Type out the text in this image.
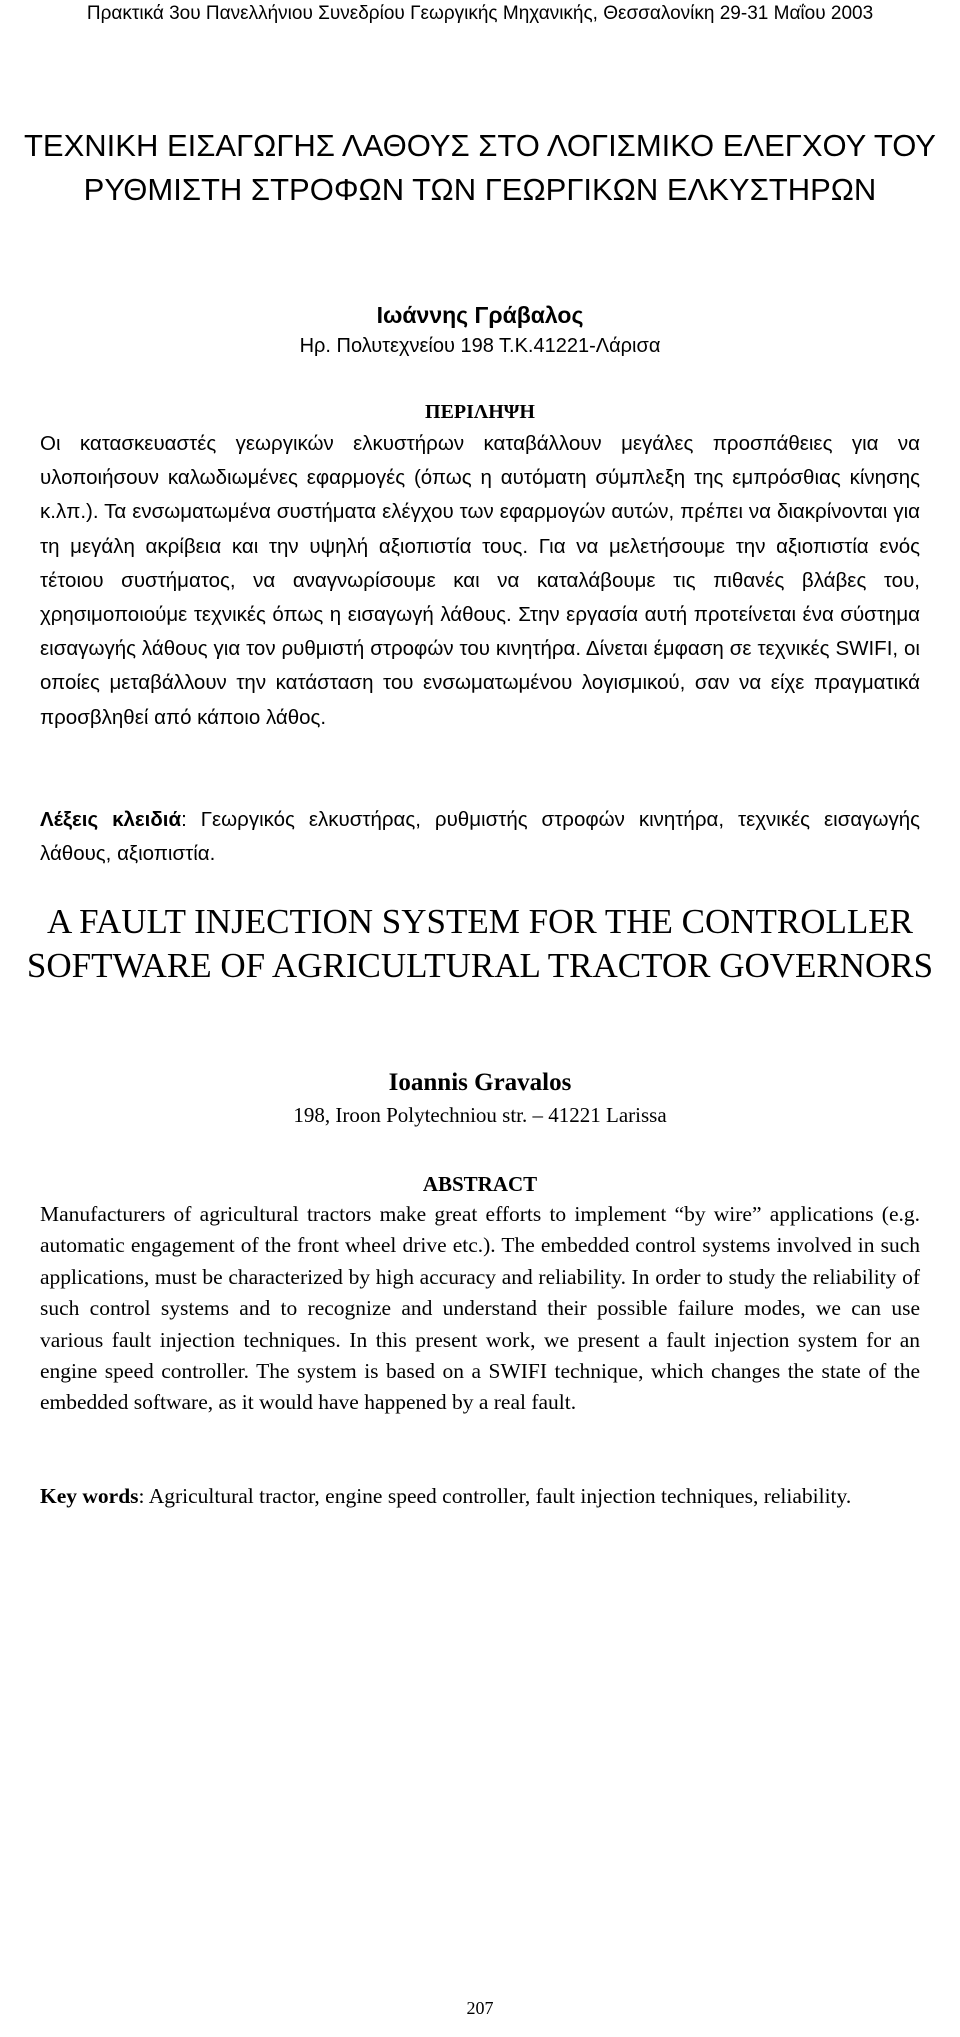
Πρακτικά 3ου Πανελλήνιου Συνεδρίου Γεωργικής Μηχανικής, Θεσσαλονίκη 29-31 Μαΐου 2003
ΤΕΧΝΙΚΗ ΕΙΣΑΓΩΓΗΣ ΛΑΘΟΥΣ ΣΤΟ ΛΟΓΙΣΜΙΚΟ ΕΛΕΓΧΟΥ ΤΟΥ ΡΥΘΜΙΣΤΗ ΣΤΡΟΦΩΝ ΤΩΝ ΓΕΩΡΓΙΚΩΝ ΕΛΚΥΣΤΗΡΩΝ
Ιωάννης Γράβαλος
Ηρ. Πολυτεχνείου 198 Τ.Κ.41221-Λάρισα
ΠΕΡΙΛΗΨΗ

Οι κατασκευαστές γεωργικών ελκυστήρων καταβάλλουν μεγάλες προσπάθειες για να υλοποιήσουν καλωδιωμένες εφαρμογές (όπως η αυτόματη σύμπλεξη της εμπρόσθιας κίνησης κ.λπ.). Τα ενσωματωμένα συστήματα ελέγχου των εφαρμογών αυτών, πρέπει να διακρίνονται για τη μεγάλη ακρίβεια και την υψηλή αξιοπιστία τους. Για να μελετήσουμε την αξιοπιστία ενός τέτοιου συστήματος, να αναγνωρίσουμε και να καταλάβουμε τις πιθανές βλάβες του, χρησιμοποιούμε τεχνικές όπως η εισαγωγή λάθους. Στην εργασία αυτή προτείνεται ένα σύστημα εισαγωγής λάθους για τον ρυθμιστή στροφών του κινητήρα. Δίνεται έμφαση σε τεχνικές SWIFI, οι οποίες μεταβάλλουν την κατάσταση του ενσωματωμένου λογισμικού, σαν να είχε πραγματικά προσβληθεί από κάποιο λάθος.

Λέξεις κλειδιά: Γεωργικός ελκυστήρας, ρυθμιστής στροφών κινητήρα, τεχνικές εισαγωγής λάθους, αξιοπιστία.

A FAULT INJECTION SYSTEM FOR THE CONTROLLER SOFTWARE OF AGRICULTURAL TRACTOR GOVERNORS
Ioannis Gravalos
198, Iroon Polytechniou str. – 41221 Larissa
ABSTRACT

Manufacturers of agricultural tractors make great efforts to implement “by wire” applications (e.g. automatic engagement of the front wheel drive etc.). The embedded control systems involved in such applications, must be characterized by high accuracy and reliability. In order to study the reliability of such control systems and to recognize and understand their possible failure modes, we can use various fault injection techniques. In this present work, we present a fault injection system for an engine speed controller. The system is based on a SWIFI technique, which changes the state of the embedded software, as it would have happened by a real fault.

Key words: Agricultural tractor, engine speed controller, fault injection techniques, reliability.

207
